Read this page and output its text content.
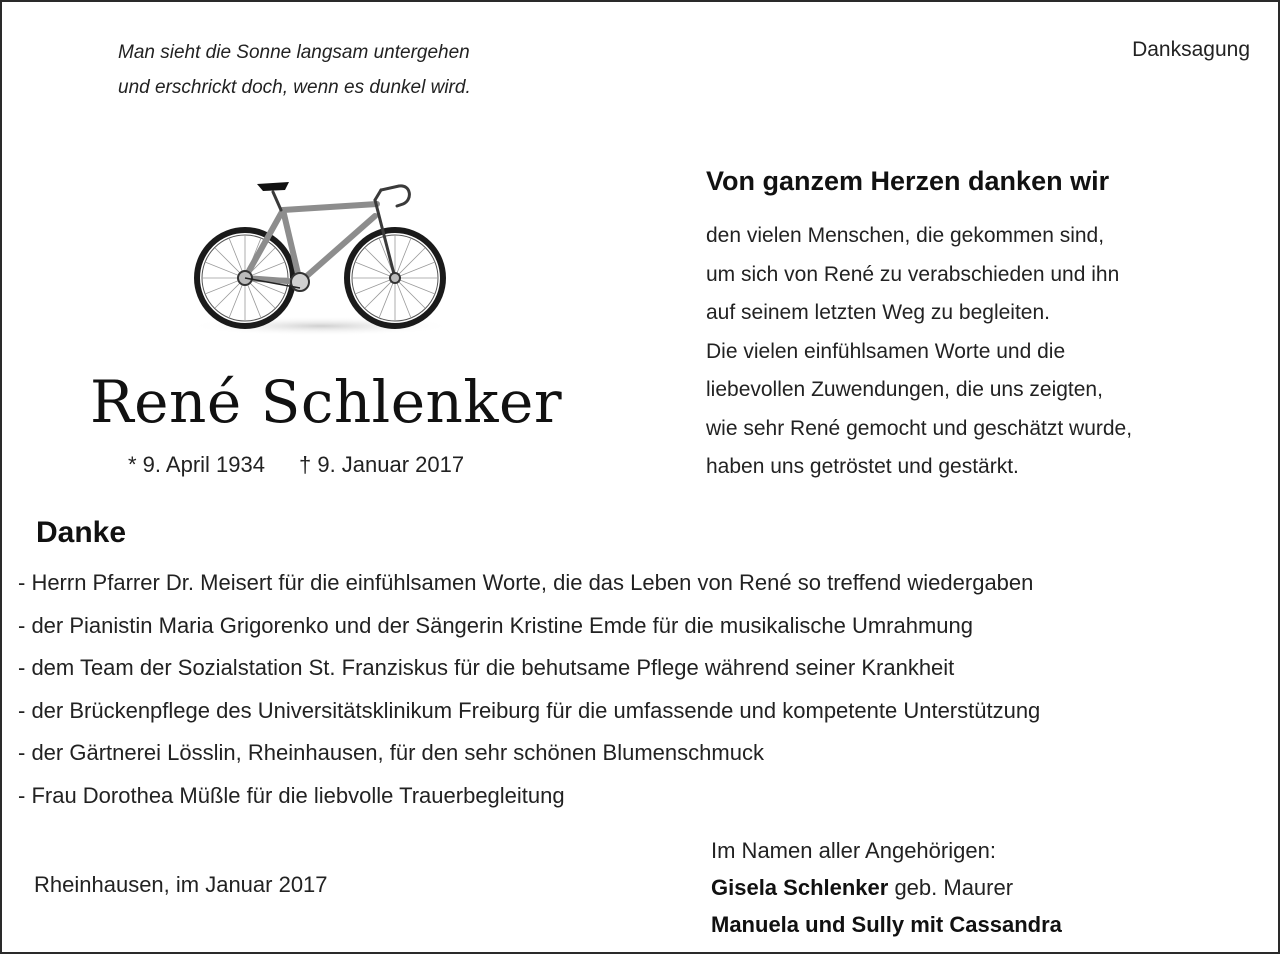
Man sieht die Sonne langsam untergehen
und erschrickt doch, wenn es dunkel wird.
Danksagung
René Schlenker
* 9. April 1934 † 9. Januar 2017
Von ganzem Herzen danken wir
den vielen Menschen, die gekommen sind,
um sich von René zu verabschieden und ihn
auf seinem letzten Weg zu begleiten.
Die vielen einfühlsamen Worte und die
liebevollen Zuwendungen, die uns zeigten,
wie sehr René gemocht und geschätzt wurde,
haben uns getröstet und gestärkt.
Danke
- Herrn Pfarrer Dr. Meisert für die einfühlsamen Worte, die das Leben von René so treffend wiedergaben
- der Pianistin Maria Grigorenko und der Sängerin Kristine Emde für die musikalische Umrahmung
- dem Team der Sozialstation St. Franziskus für die behutsame Pflege während seiner Krankheit
- der Brückenpflege des Universitätsklinikum Freiburg für die umfassende und kompetente Unterstützung
- der Gärtnerei Lösslin, Rheinhausen, für den sehr schönen Blumenschmuck
- Frau Dorothea Müßle für die liebvolle Trauerbegleitung
Rheinhausen, im Januar 2017
Im Namen aller Angehörigen:
Gisela Schlenker geb. Maurer
Manuela und Sully mit Cassandra
